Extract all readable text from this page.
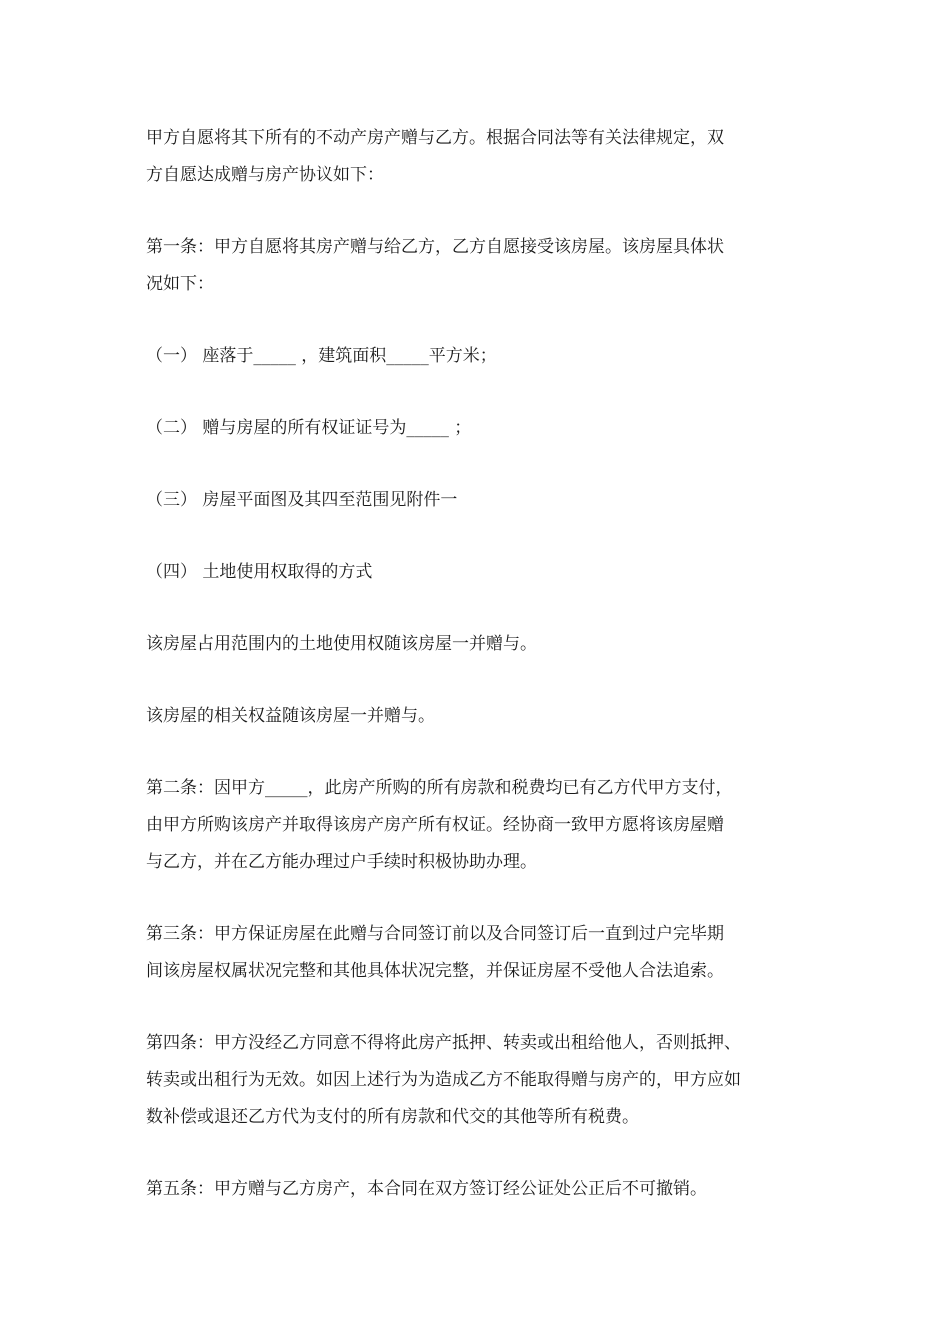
甲方自愿将其下所有的不动产房产赠与乙方。根据合同法等有关法律规定，双
方自愿达成赠与房产协议如下：
第一条：甲方自愿将其房产赠与给乙方，乙方自愿接受该房屋。该房屋具体状
况如下：
（一） 座落于_____ ，建筑面积_____平方米；
（二） 赠与房屋的所有权证证号为_____ ；
（三） 房屋平面图及其四至范围见附件一
（四） 土地使用权取得的方式
该房屋占用范围内的土地使用权随该房屋一并赠与。
该房屋的相关权益随该房屋一并赠与。
第二条：因甲方_____，此房产所购的所有房款和税费均已有乙方代甲方支付，
由甲方所购该房产并取得该房产房产所有权证。经协商一致甲方愿将该房屋赠
与乙方，并在乙方能办理过户手续时积极协助办理。
第三条：甲方保证房屋在此赠与合同签订前以及合同签订后一直到过户完毕期
间该房屋权属状况完整和其他具体状况完整，并保证房屋不受他人合法追索。
第四条：甲方没经乙方同意不得将此房产抵押、转卖或出租给他人，否则抵押、
转卖或出租行为无效。如因上述行为为造成乙方不能取得赠与房产的，甲方应如
数补偿或退还乙方代为支付的所有房款和代交的其他等所有税费。
第五条：甲方赠与乙方房产，本合同在双方签订经公证处公正后不可撤销。
